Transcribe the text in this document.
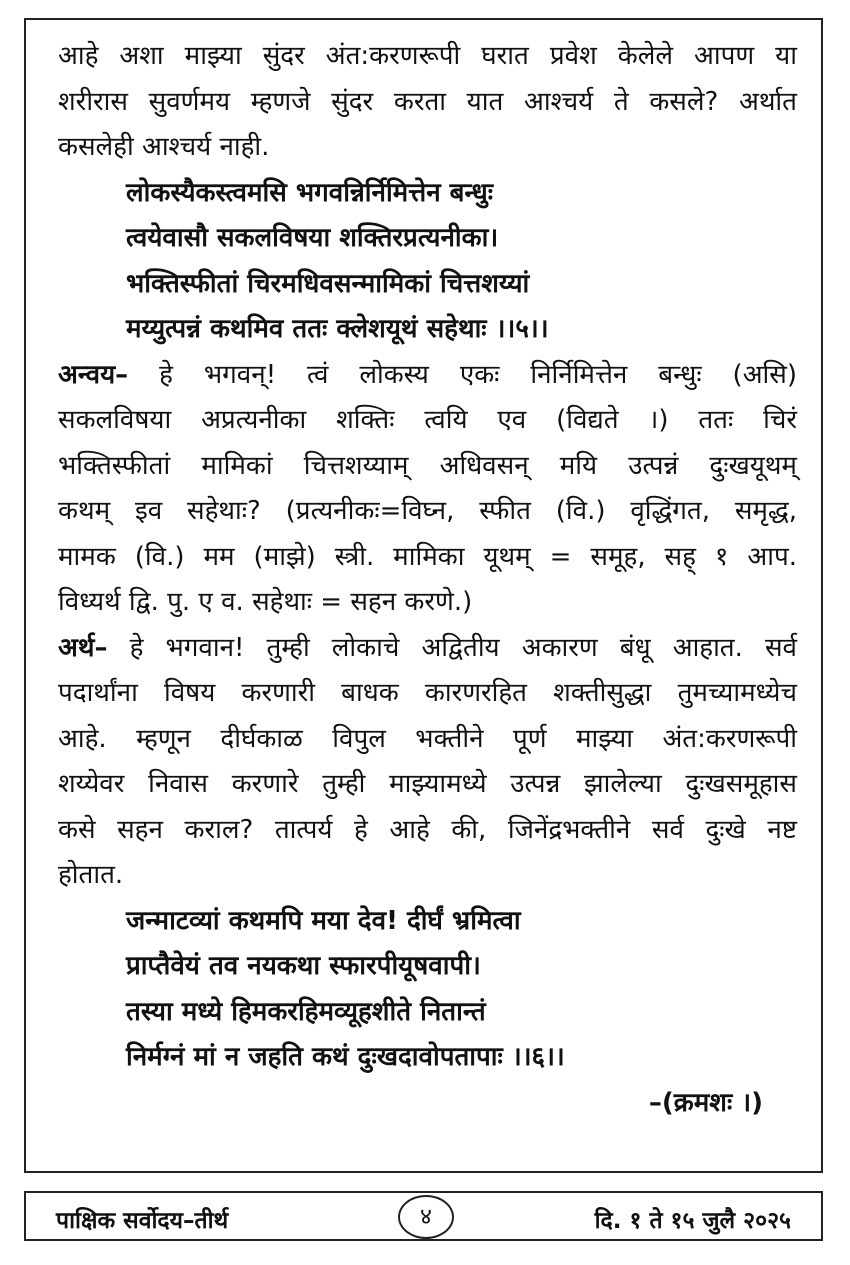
आहे अशा माझ्या सुंदर अंत:करणरूपी घरात प्रवेश केलेले आपण या
शरीरास सुवर्णमय म्हणजे सुंदर करता यात आश्चर्य ते कसले? अर्थात
कसलेही आश्चर्य नाही.
लोकस्यैकस्त्वमसि भगवन्निर्निमित्तेन बन्धुः
त्वयेवासौ सकलविषया शक्तिरप्रत्यनीका।
भक्तिस्फीतां चिरमधिवसन्मामिकां चित्तशय्यां
मय्युत्पन्नं कथमिव ततः क्लेशयूथं सहेथाः ।।५।।
अन्वय– हे भगवन्! त्वं लोकस्य एकः निर्निमित्तेन बन्धुः (असि)
सकलविषया अप्रत्यनीका शक्तिः त्वयि एव (विद्यते ।) ततः चिरं
भक्तिस्फीतां मामिकां चित्तशय्याम् अधिवसन् मयि उत्पन्नं दुःखयूथम्
कथम् इव सहेथाः? (प्रत्यनीकः=विघ्न, स्फीत (वि.) वृद्धिंगत, समृद्ध,
मामक (वि.) मम (माझे) स्त्री. मामिका यूथम् = समूह, सह् १ आप.
विध्यर्थ द्वि. पु. ए व. सहेथाः = सहन करणे.)
अर्थ– हे भगवान! तुम्ही लोकाचे अद्वितीय अकारण बंधू आहात. सर्व
पदार्थांना विषय करणारी बाधक कारणरहित शक्तीसुद्धा तुमच्यामध्येच
आहे. म्हणून दीर्घकाळ विपुल भक्तीने पूर्ण माझ्या अंत:करणरूपी
शय्येवर निवास करणारे तुम्ही माझ्यामध्ये उत्पन्न झालेल्या दुःखसमूहास
कसे सहन कराल? तात्पर्य हे आहे की, जिनेंद्रभक्तीने सर्व दुःखे नष्ट
होतात.
जन्माटव्यां कथमपि मया देव! दीर्घं भ्रमित्वा
प्राप्तैवेयं तव नयकथा स्फारपीयूषवापी।
तस्या मध्ये हिमकरहिमव्यूहशीते नितान्तं
निर्मग्नं मां न जहति कथं दुःखदावोपतापाः ।।६।।
–(क्रमशः ।)
पाक्षिक सर्वोदय–तीर्थ	४	दि. १ ते १५ जुलै २०२५
